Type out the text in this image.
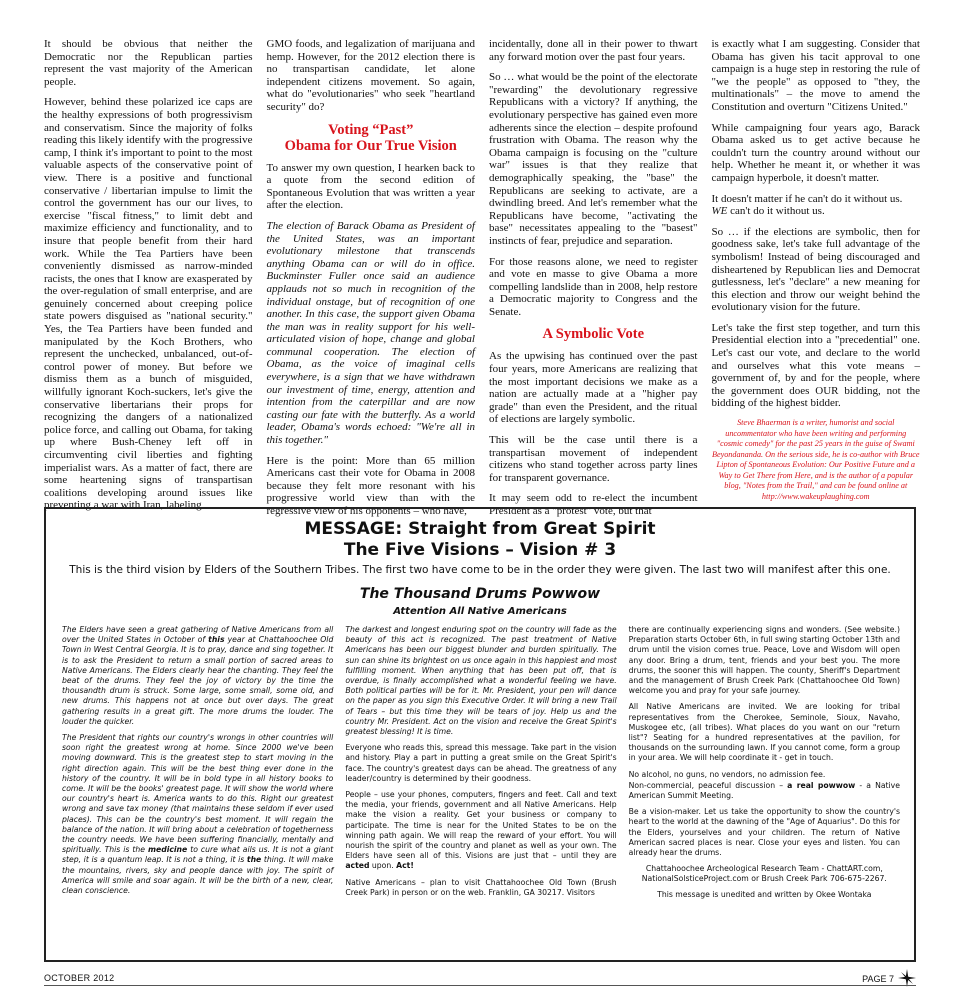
It should be obvious that neither the Democratic nor the Republican parties represent the vast majority of the American people.

However, behind these polarized ice caps are the healthy expressions of both progressivism and conservatism. Since the majority of folks reading this likely identify with the progressive camp, I think it's important to point to the most valuable aspects of the conservative point of view. There is a positive and functional conservative / libertarian impulse to limit the control the government has our our lives, to exercise "fiscal fitness," to limit debt and maximize efficiency and functionality, and to insure that people benefit from their hard work. While the Tea Partiers have been conveniently dismissed as narrow-minded racists, the ones that I know are exasperated by the over-regulation of small enterprise, and are genuinely concerned about creeping police state powers disguised as "national security." Yes, the Tea Partiers have been funded and manipulated by the Koch Brothers, who represent the unchecked, unbalanced, out-of-control power of money. But before we dismiss them as a bunch of misguided, willfully ignorant Koch-suckers, let's give the conservative libertarians their props for recognizing the dangers of a nationalized police force, and calling out Obama, for taking up where Bush-Cheney left off in circumventing civil liberties and fighting imperialist wars. As a matter of fact, there are some heartening signs of transpartisan coalitions developing around issues like preventing a war with Iran, labeling

GMO foods, and legalization of marijuana and hemp. However, for the 2012 election there is no transpartisan candidate, let alone independent citizens movement. So again, what do "evolutionaries" who seek "heartland security" do?

Voting “Past”
Obama for Our True Vision

To answer my own question, I hearken back to a quote from the second edition of Spontaneous Evolution that was written a year after the election.

The election of Barack Obama as President of the United States, was an important evolutionary milestone that transcends anything Obama can or will do in office. Buckminster Fuller once said an audience applauds not so much in recognition of the individual onstage, but of recognition of one another. In this case, the support given Obama the man was in reality support for his well-articulated vision of hope, change and global communal cooperation. The election of Obama, as the voice of imaginal cells everywhere, is a sign that we have withdrawn our investment of time, energy, attention and intention from the caterpillar and are now casting our fate with the butterfly. As a world leader, Obama's words echoed: "We're all in this together."

Here is the point: More than 65 million Americans cast their vote for Obama in 2008 because they felt more resonant with his progressive world view than with the regressive view of his opponents – who have,

incidentally, done all in their power to thwart any forward motion over the past four years.

So … what would be the point of the electorate "rewarding" the devolutionary regressive Republicans with a victory? If anything, the evolutionary perspective has gained even more adherents since the election – despite profound frustration with Obama. The reason why the Obama campaign is focusing on the "culture war" issues is that they realize that demographically speaking, the "base" the Republicans are seeking to activate, are a dwindling breed. And let's remember what the Republicans have become, "activating the base" necessitates appealing to the "basest" instincts of fear, prejudice and separation.

For those reasons alone, we need to register and vote en masse to give Obama a more compelling landslide than in 2008, help restore a Democratic majority to Congress and the Senate.

A Symbolic Vote

As the upwising has continued over the past four years, more Americans are realizing that the most important decisions we make as a nation are actually made at a "higher pay grade" than even the President, and the ritual of elections are largely symbolic.

This will be the case until there is a transpartisan movement of independent citizens who stand together across party lines for transparent governance.

It may seem odd to re-elect the incumbent President as a "protest" vote, but that

is exactly what I am suggesting. Consider that Obama has given his tacit approval to one campaign is a huge step in restoring the rule of "we the people" as opposed to "they, the multinationals" – the move to amend the Constitution and overturn "Citizens United."

While campaigning four years ago, Barack Obama asked us to get active because he couldn't turn the country around without our help. Whether he meant it, or whether it was campaign hyperbole, it doesn't matter.

It doesn't matter if he can't do it without us.
WE can't do it without us.

So … if the elections are symbolic, then for goodness sake, let's take full advantage of the symbolism! Instead of being discouraged and disheartened by Republican lies and Democrat gutlessness, let's "declare" a new meaning for this election and throw our weight behind the evolutionary vision for the future.

Let's take the first step together, and turn this Presidential election into a "precedential" one. Let's cast our vote, and declare to the world and ourselves what this vote means – government of, by and for the people, where the government does OUR bidding, not the bidding of the highest bidder.

Steve Bhaerman is a writer, humorist and social uncommentator who have been writing and performing "cosmic comedy" for the past 25 years in the guise of Swami Beyondananda. On the serious side, he is co-author with Bruce Lipton of Spontaneous Evolution: Our Positive Future and a Way to Get There from Here, and is the author of a popular blog, "Notes from the Trail," and can be found online at http://www.wakeuplaughing.com

MESSAGE: Straight from Great Spirit
The Five Visions – Vision # 3
This is the third vision by Elders of the Southern Tribes. The first two have come to be in the order they were given. The last two will manifest after this one.
The Thousand Drums Powwow
Attention All Native Americans

The Elders have seen a great gathering of Native Americans from all over the United States in October of this year at Chattahoochee Old Town in West Central Georgia. It is to pray, dance and sing together. It is to ask the President to return a small portion of sacred areas to Native Americans. The Elders clearly hear the chanting. They feel the beat of the drums. They feel the joy of victory by the time the thousandth drum is struck. Some large, some small, some old, and new drums. This happens not at once but over days. The great gathering results in a great gift. The more drums the louder. The louder the quicker.

The President that rights our country's wrongs in other countries will soon right the greatest wrong at home. Since 2000 we've been moving downward. This is the greatest step to start moving in the right direction again. This will be the best thing ever done in the history of the country. It will be in bold type in all history books to come. It will be the books' greatest page. It will show the world where our country's heart is. America wants to do this. Right our greatest wrong and save tax money (that maintains these seldom if ever used places). This can be the country's best moment. It will regain the balance of the nation. It will bring about a celebration of togetherness the country needs. We have been suffering financially, mentally and spiritually. This is the medicine to cure what ails us. It is not a giant step, it is a quantum leap. It is not a thing, it is the thing. It will make the mountains, rivers, sky and people dance with joy. The spirit of America will smile and soar again. It will be the birth of a new, clear, clean conscience.

The darkest and longest enduring spot on the country will fade as the beauty of this act is recognized. The past treatment of Native Americans has been our biggest blunder and burden spiritually. The sun can shine its brightest on us once again in this happiest and most fulfilling moment. When anything that has been put off, that is overdue, is finally accomplished what a wonderful feeling we have. Both political parties will be for it. Mr. President, your pen will dance on the paper as you sign this Executive Order. It will bring a new Trail of Tears – but this time they will be tears of joy. Help us and the country Mr. President. Act on the vision and receive the Great Spirit's greatest blessing! It is time.

Everyone who reads this, spread this message. Take part in the vision and history. Play a part in putting a great smile on the Great Spirit's face. The country's greatest days can be ahead. The greatness of any leader/country is determined by their goodness.

People – use your phones, computers, fingers and feet. Call and text the media, your friends, government and all Native Americans. Help make the vision a reality. Get your business or company to participate. The time is near for the United States to be on the winning path again. We will reap the reward of your effort. You will nourish the spirit of the country and planet as well as your own. The Elders have seen all of this. Visions are just that – until they are acted upon. Act!

Native Americans – plan to visit Chattahoochee Old Town (Brush Creek Park) in person or on the web. Franklin, GA 30217. Visitors

there are continually experiencing signs and wonders. (See website.) Preparation starts October 6th, in full swing starting October 13th and drum until the vision comes true. Peace, Love and Wisdom will open any door. Bring a drum, tent, friends and your best you. The more drums, the sooner this will happen. The county, Sheriff's Department and the management of Brush Creek Park (Chattahoochee Old Town) welcome you and pray for your safe journey.

All Native Americans are invited. We are looking for tribal representatives from the Cherokee, Seminole, Sioux, Navaho, Muskogee etc, (all tribes). What places do you want on our "return list"? Seating for a hundred representatives at the pavilion, for thousands on the surrounding lawn. If you cannot come, form a group in your area. We will help coordinate it - get in touch.

No alcohol, no guns, no vendors, no admission fee.

Non-commercial, peaceful discussion – a real powwow - a Native American Summit Meeting.

Be a vision-maker. Let us take the opportunity to show the country's heart to the world at the dawning of the "Age of Aquarius". Do this for the Elders, yourselves and your children. The return of Native American sacred places is near. Close your eyes and listen. You can already hear the drums.

Chattahoochee Archeological Research Team - ChattART.com,
NationalSolsticeProject.com or Brush Creek Park 706-675-2267.
This message is unedited and written by Okee Wontaka
OCTOBER 2012	PAGE 7
